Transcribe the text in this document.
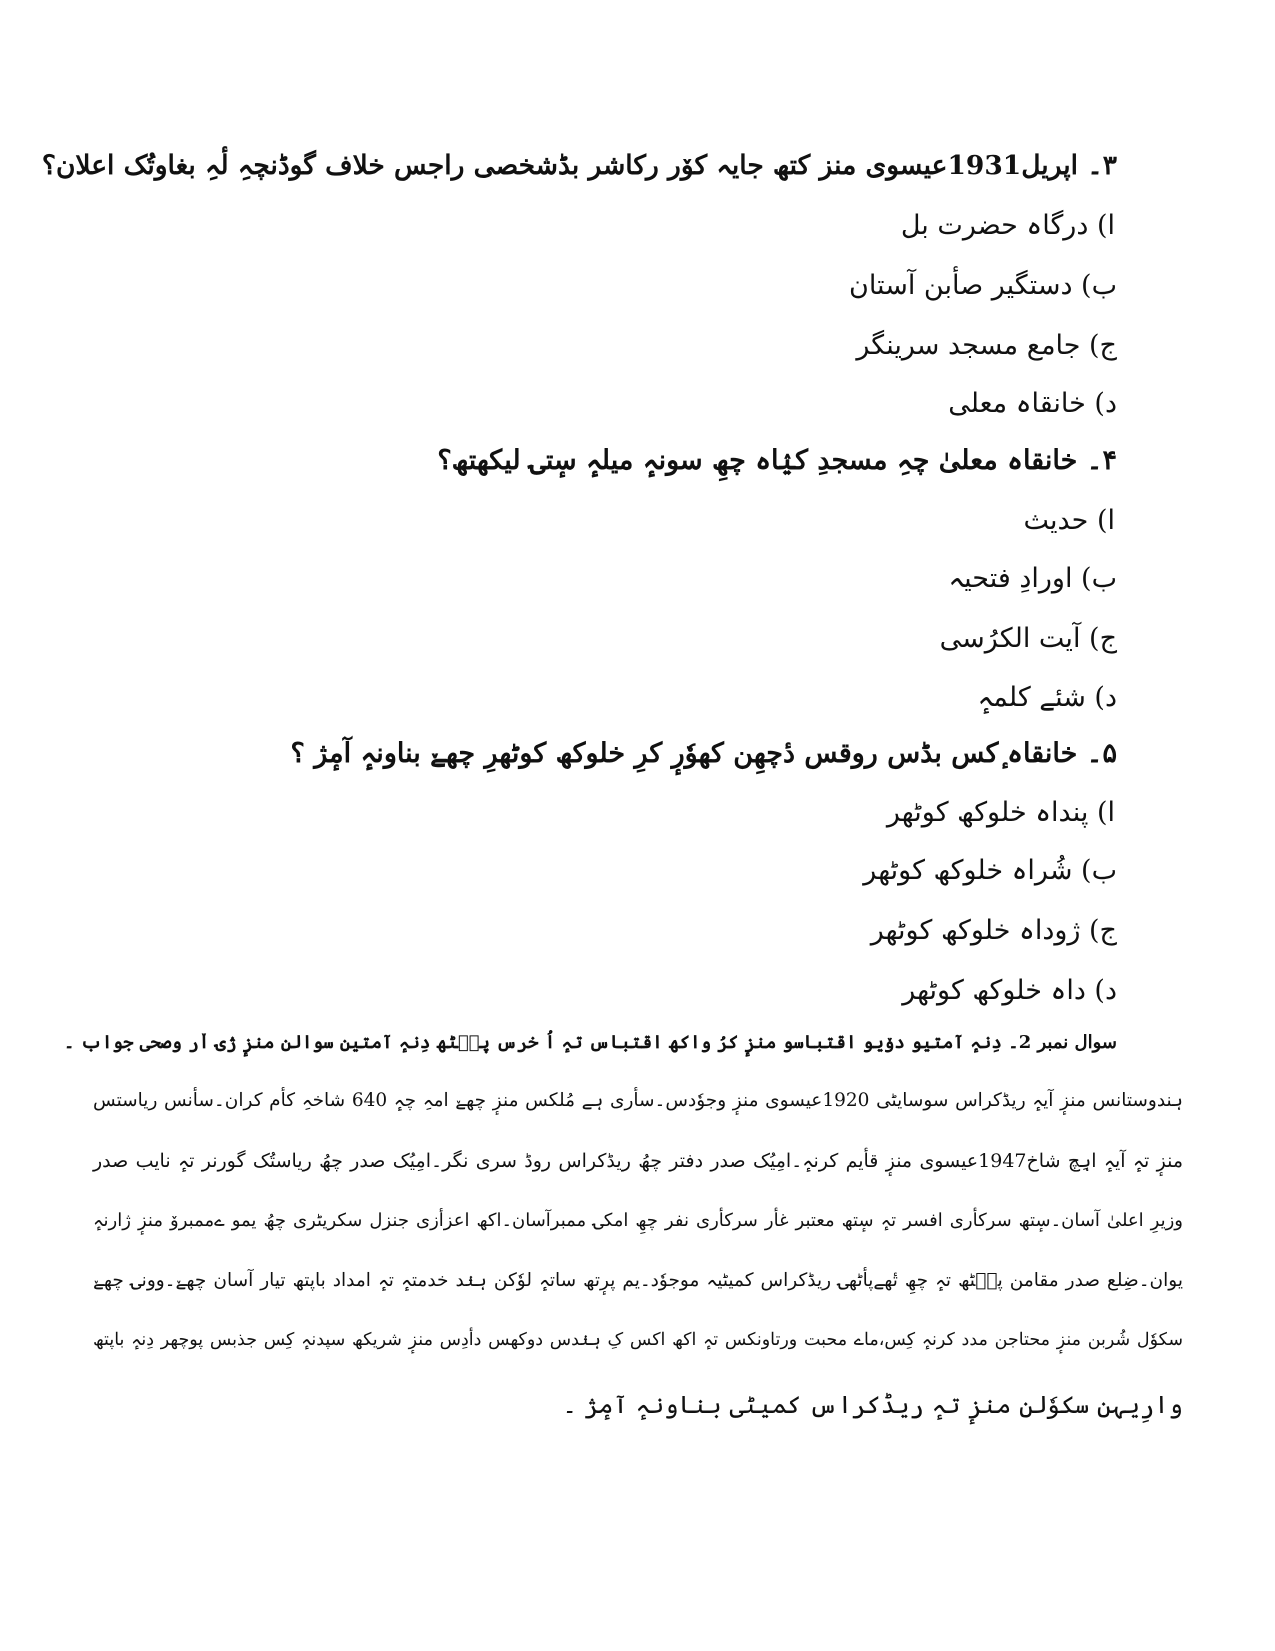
۳۔ اپریل1931عیسوی منز کتھ جایہ کوٚر رکاشر بڈشخصی راجس خلاف گوڈنچہِ لٔہِ بغاوتُک اعلان؟
ا) درگاہ حضرت بل
ب) دستگیر صأبن آستان
ج) جامع مسجد سرینگر
د) خانقاہ معلی
۴۔ خانقاہ معلیٰ چہِ مسجدِ کیٛاہ چھِ سونہٕ میلہٕ سٕتۍ لیکھتھ؟
ا) حدیث
ب) اورادِ فتحیہ
ج) آیت الکرُسی
د) شئے کلمہٕ
۵۔ خانقاہ ٕکس بڈس روقس دٔچھِن کھوٗرٕ کرِ خلوکھ کوٹھرِ چھےٚ بناونہٕ آمٕژ ؟
ا) پنداہ خلوکھ کوٹھر
ب) شُراہ خلوکھ کوٹھر
ج) ژوداہ خلوکھ کوٹھر
د) داہ خلوکھ کوٹھر
سوال نمبر 2۔ دِنہٕ آمتیو دوٚیو اقتباسو منزٕ کرُ واکھ اقتباس تہٕ اُ خرس پٮ۪ٹھ دِنہٕ آمتین سوالن منزٕ ژۍ اٚر وصحی جواب ۔
ہندوستانس منزٕ آیہٕ ریڈکراس سوسایٹی 1920عیسوی منزٕ وجوٗدس۔سأری ہے مُلکس منزٕ چھےٚ امہِ چہٕ 640 شاخہِ کأم کران۔سأنس ریاستس
منزٕ تہٕ آیہٕ اہِچ شاخ1947عیسوی منزٕ قأیم کرنہٕ۔امِیُک صدر دفتر چھُ ریڈکراس روڈ سری نگر۔امِیُک صدر چھُ ریاستُک گورنر تہٕ نایب صدر
وزیرِ اعلیٰ آسان۔سٕتھ سرکأری افسر تہٕ سٕتھ معتبر غأر سرکأری نفر چھِ امکۍ ممبرآسان۔اکھ اعزأزی جنزل سکریٹری چھُ یمو ےممبروٚ منزٕ ژارنہٕ
یوان۔ضِلع صدر مقامن پٮ۪ٹھ تہٕ چھِ تٔھےپأٹھۍ ریڈکراس کمیٹیہ موجوٗد۔یم پرٕتھ ساتہٕ لوٗکن ہنٛد خدمتہٕ تہٕ امداد باپتھ تیار آسان چھےٚ۔وونۍ چھےٚ
سکوٗل شُربن منزٕ محتاجن مدد کرنہٕ کِس،ماے محبت ورتاونکس تہٕ اکھ اکس کِ ہنٛدس دوکھس دأدِس منزٕ شریکھ سپدنہٕ کِس جذبس پوچھر دِنہٕ باپتھ
وارِیہن سکوٗلن منزٕ تہٕ ریڈکراس کمیٹی بناونہٕ آمٕژ ۔
